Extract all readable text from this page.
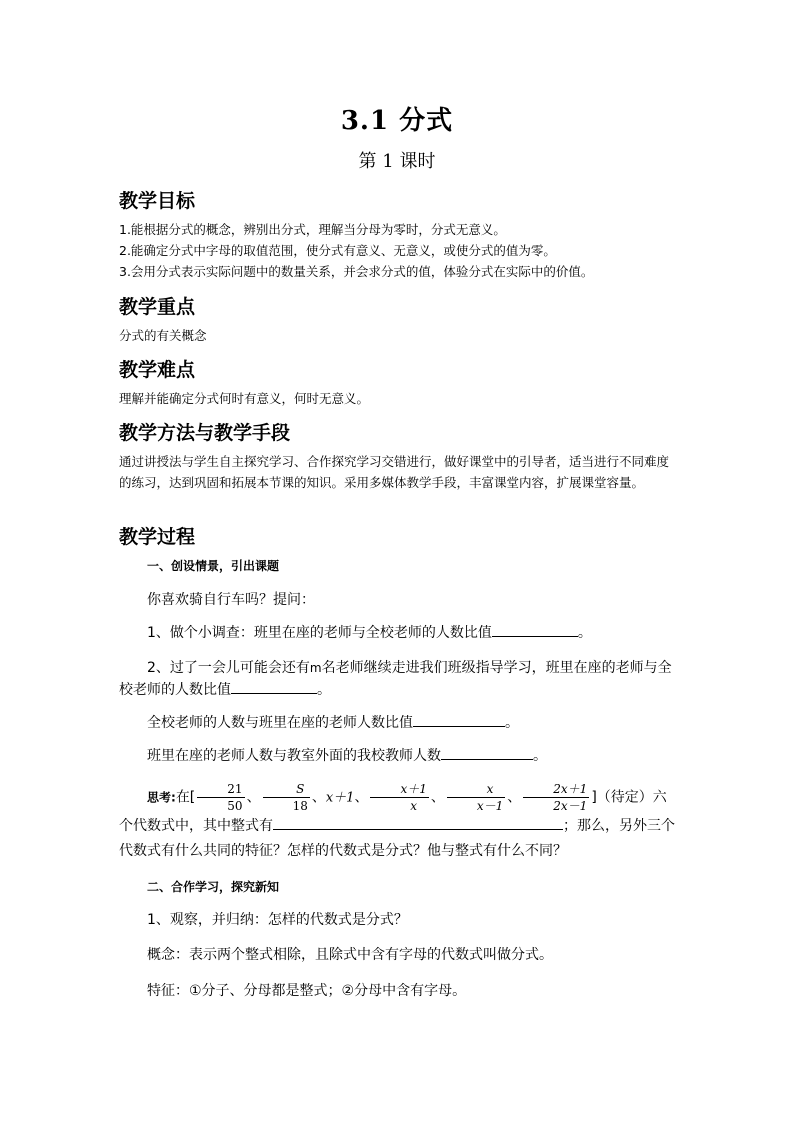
3.1 分式
第 1 课时
教学目标
1.能根据分式的概念，辨别出分式，理解当分母为零时，分式无意义。
2.能确定分式中字母的取值范围，使分式有意义、无意义，或使分式的值为零。
3.会用分式表示实际问题中的数量关系，并会求分式的值，体验分式在实际中的价值。
教学重点
分式的有关概念
教学难点
理解并能确定分式何时有意义，何时无意义。
教学方法与教学手段
通过讲授法与学生自主探究学习、合作探究学习交错进行，做好课堂中的引导者，适当进行不同难度的练习，达到巩固和拓展本节课的知识。采用多媒体教学手段，丰富课堂内容，扩展课堂容量。
教学过程
一、创设情景，引出课题
你喜欢骑自行车吗？提问：
1、做个小调查：班里在座的老师与全校老师的人数比值	。
2、过了一会儿可能会还有m名老师继续走进我们班级指导学习，班里在座的老师与全校老师的人数比值	。
全校老师的人数与班里在座的老师人数比值	。
班里在座的老师人数与教室外面的我校教师人数	。
思考:在[ $\frac{21}{50}$ 、 $\frac{S}{18}$ 、x＋1、 $\frac{x+1}{x}$ 、 $\frac{x}{x-1}$ 、 $\frac{2x+1}{2x-1}$ ]（待定）六个代数式中，其中整式有	；那么，另外三个代数式有什么共同的特征？怎样的代数式是分式？他与整式有什么不同？
二、合作学习，探究新知
1、观察，并归纳：怎样的代数式是分式？
概念：表示两个整式相除，且除式中含有字母的代数式叫做分式。
特征：①分子、分母都是整式；②分母中含有字母。
